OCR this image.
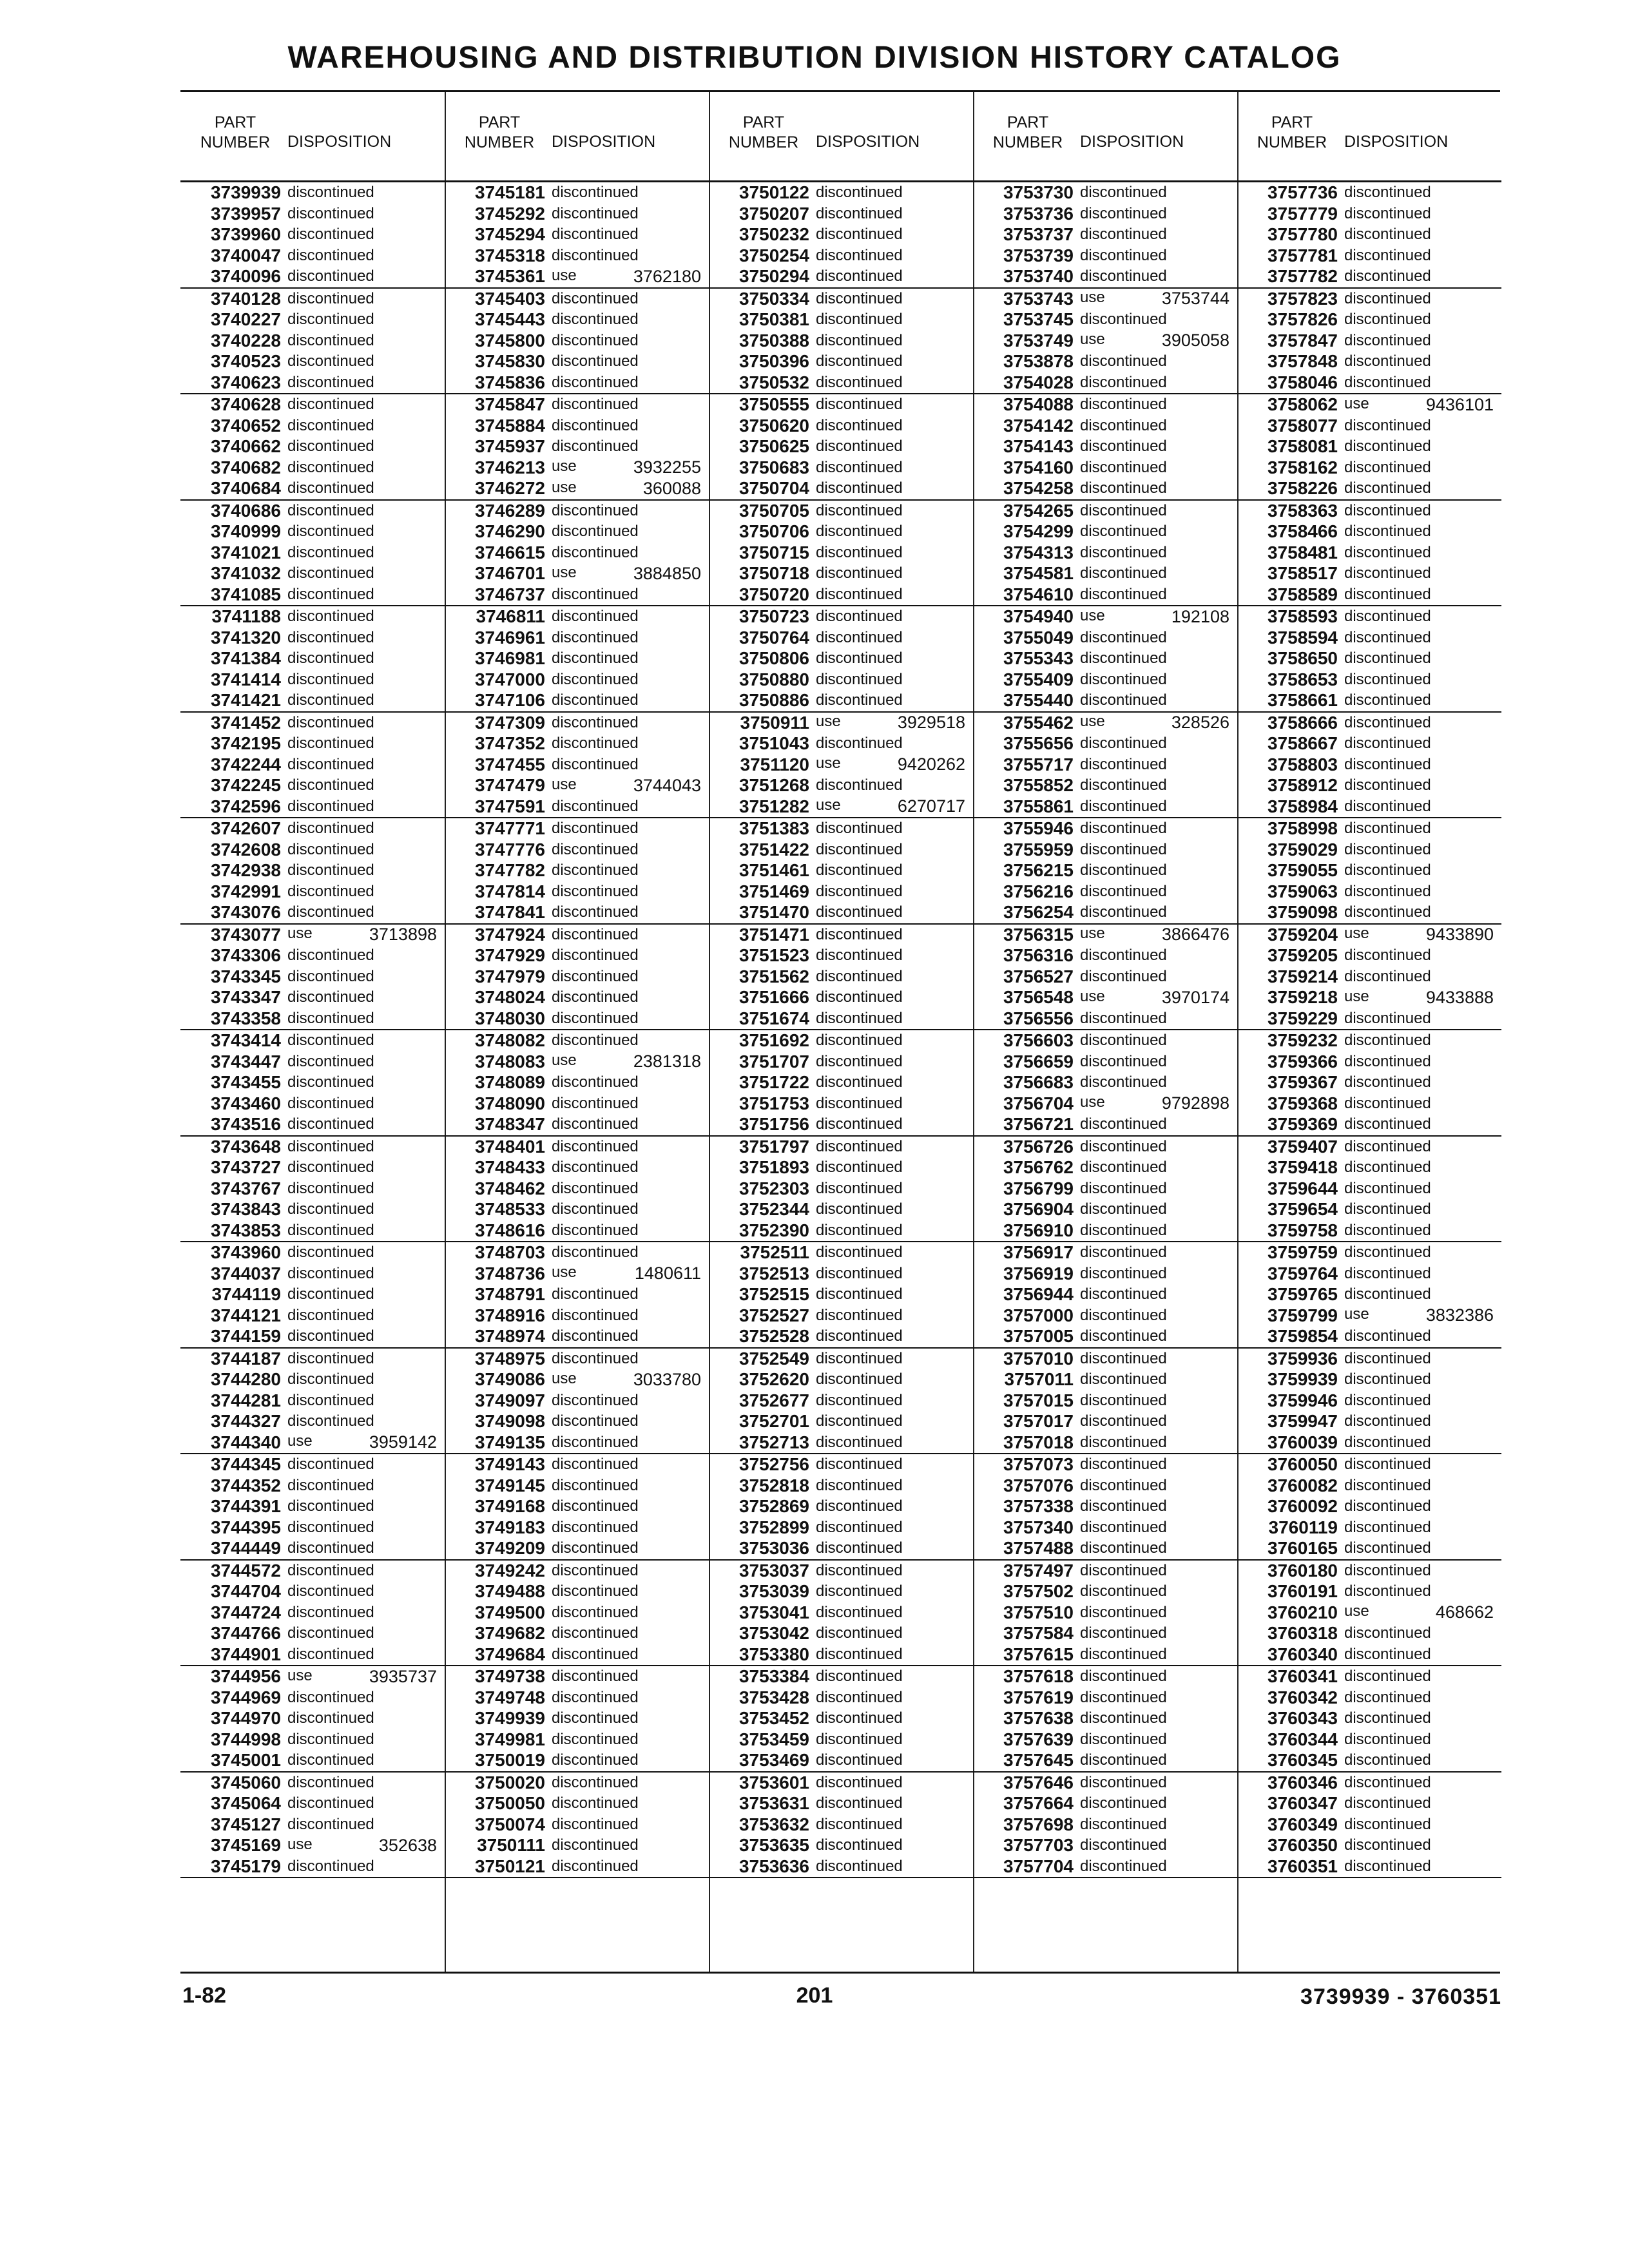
WAREHOUSING AND DISTRIBUTION DIVISION HISTORY CATALOG
PART
NUMBER	DISPOSITION
3739939 discontinued
3739957 discontinued
3739960 discontinued
3740047 discontinued
3740096 discontinued
3740128 discontinued
3740227 discontinued
3740228 discontinued
3740523 discontinued
3740623 discontinued
3740628 discontinued
3740652 discontinued
3740662 discontinued
3740682 discontinued
3740684 discontinued
3740686 discontinued
3740999 discontinued
3741021 discontinued
3741032 discontinued
3741085 discontinued
3741188 discontinued
3741320 discontinued
3741384 discontinued
3741414 discontinued
3741421 discontinued
3741452 discontinued
3742195 discontinued
3742244 discontinued
3742245 discontinued
3742596 discontinued
3742607 discontinued
3742608 discontinued
3742938 discontinued
3742991 discontinued
3743076 discontinued
3743077 use	3713898
3743306 discontinued
3743345 discontinued
3743347 discontinued
3743358 discontinued
3743414 discontinued
3743447 discontinued
3743455 discontinued
3743460 discontinued
3743516 discontinued
3743648 discontinued
3743727 discontinued
3743767 discontinued
3743843 discontinued
3743853 discontinued
3743960 discontinued
3744037 discontinued
3744119 discontinued
3744121 discontinued
3744159 discontinued
3744187 discontinued
3744280 discontinued
3744281 discontinued
3744327 discontinued
3744340 use	3959142
3744345 discontinued
3744352 discontinued
3744391 discontinued
3744395 discontinued
3744449 discontinued
3744572 discontinued
3744704 discontinued
3744724 discontinued
3744766 discontinued
3744901 discontinued
3744956 use	3935737
3744969 discontinued
3744970 discontinued
3744998 discontinued
3745001 discontinued
3745060 discontinued
3745064 discontinued
3745127 discontinued
3745169 use	352638
3745179 discontinued
PART
NUMBER	DISPOSITION
3745181 discontinued
3745292 discontinued
3745294 discontinued
3745318 discontinued
3745361 use	3762180
3745403 discontinued
3745443 discontinued
3745800 discontinued
3745830 discontinued
3745836 discontinued
3745847 discontinued
3745884 discontinued
3745937 discontinued
3746213 use	3932255
3746272 use	360088
3746289 discontinued
3746290 discontinued
3746615 discontinued
3746701 use	3884850
3746737 discontinued
3746811 discontinued
3746961 discontinued
3746981 discontinued
3747000 discontinued
3747106 discontinued
3747309 discontinued
3747352 discontinued
3747455 discontinued
3747479 use	3744043
3747591 discontinued
3747771 discontinued
3747776 discontinued
3747782 discontinued
3747814 discontinued
3747841 discontinued
3747924 discontinued
3747929 discontinued
3747979 discontinued
3748024 discontinued
3748030 discontinued
3748082 discontinued
3748083 use	2381318
3748089 discontinued
3748090 discontinued
3748347 discontinued
3748401 discontinued
3748433 discontinued
3748462 discontinued
3748533 discontinued
3748616 discontinued
3748703 discontinued
3748736 use	1480611
3748791 discontinued
3748916 discontinued
3748974 discontinued
3748975 discontinued
3749086 use	3033780
3749097 discontinued
3749098 discontinued
3749135 discontinued
3749143 discontinued
3749145 discontinued
3749168 discontinued
3749183 discontinued
3749209 discontinued
3749242 discontinued
3749488 discontinued
3749500 discontinued
3749682 discontinued
3749684 discontinued
3749738 discontinued
3749748 discontinued
3749939 discontinued
3749981 discontinued
3750019 discontinued
3750020 discontinued
3750050 discontinued
3750074 discontinued
3750111 discontinued
3750121 discontinued
PART
NUMBER	DISPOSITION
3750122 discontinued
3750207 discontinued
3750232 discontinued
3750254 discontinued
3750294 discontinued
3750334 discontinued
3750381 discontinued
3750388 discontinued
3750396 discontinued
3750532 discontinued
3750555 discontinued
3750620 discontinued
3750625 discontinued
3750683 discontinued
3750704 discontinued
3750705 discontinued
3750706 discontinued
3750715 discontinued
3750718 discontinued
3750720 discontinued
3750723 discontinued
3750764 discontinued
3750806 discontinued
3750880 discontinued
3750886 discontinued
3750911 use	3929518
3751043 discontinued
3751120 use	9420262
3751268 discontinued
3751282 use	6270717
3751383 discontinued
3751422 discontinued
3751461 discontinued
3751469 discontinued
3751470 discontinued
3751471 discontinued
3751523 discontinued
3751562 discontinued
3751666 discontinued
3751674 discontinued
3751692 discontinued
3751707 discontinued
3751722 discontinued
3751753 discontinued
3751756 discontinued
3751797 discontinued
3751893 discontinued
3752303 discontinued
3752344 discontinued
3752390 discontinued
3752511 discontinued
3752513 discontinued
3752515 discontinued
3752527 discontinued
3752528 discontinued
3752549 discontinued
3752620 discontinued
3752677 discontinued
3752701 discontinued
3752713 discontinued
3752756 discontinued
3752818 discontinued
3752869 discontinued
3752899 discontinued
3753036 discontinued
3753037 discontinued
3753039 discontinued
3753041 discontinued
3753042 discontinued
3753380 discontinued
3753384 discontinued
3753428 discontinued
3753452 discontinued
3753459 discontinued
3753469 discontinued
3753601 discontinued
3753631 discontinued
3753632 discontinued
3753635 discontinued
3753636 discontinued
PART
NUMBER	DISPOSITION
3753730 discontinued
3753736 discontinued
3753737 discontinued
3753739 discontinued
3753740 discontinued
3753743 use	3753744
3753745 discontinued
3753749 use	3905058
3753878 discontinued
3754028 discontinued
3754088 discontinued
3754142 discontinued
3754143 discontinued
3754160 discontinued
3754258 discontinued
3754265 discontinued
3754299 discontinued
3754313 discontinued
3754581 discontinued
3754610 discontinued
3754940 use	192108
3755049 discontinued
3755343 discontinued
3755409 discontinued
3755440 discontinued
3755462 use	328526
3755656 discontinued
3755717 discontinued
3755852 discontinued
3755861 discontinued
3755946 discontinued
3755959 discontinued
3756215 discontinued
3756216 discontinued
3756254 discontinued
3756315 use	3866476
3756316 discontinued
3756527 discontinued
3756548 use	3970174
3756556 discontinued
3756603 discontinued
3756659 discontinued
3756683 discontinued
3756704 use	9792898
3756721 discontinued
3756726 discontinued
3756762 discontinued
3756799 discontinued
3756904 discontinued
3756910 discontinued
3756917 discontinued
3756919 discontinued
3756944 discontinued
3757000 discontinued
3757005 discontinued
3757010 discontinued
3757011 discontinued
3757015 discontinued
3757017 discontinued
3757018 discontinued
3757073 discontinued
3757076 discontinued
3757338 discontinued
3757340 discontinued
3757488 discontinued
3757497 discontinued
3757502 discontinued
3757510 discontinued
3757584 discontinued
3757615 discontinued
3757618 discontinued
3757619 discontinued
3757638 discontinued
3757639 discontinued
3757645 discontinued
3757646 discontinued
3757664 discontinued
3757698 discontinued
3757703 discontinued
3757704 discontinued
PART
NUMBER	DISPOSITION
3757736 discontinued
3757779 discontinued
3757780 discontinued
3757781 discontinued
3757782 discontinued
3757823 discontinued
3757826 discontinued
3757847 discontinued
3757848 discontinued
3758046 discontinued
3758062 use	9436101
3758077 discontinued
3758081 discontinued
3758162 discontinued
3758226 discontinued
3758363 discontinued
3758466 discontinued
3758481 discontinued
3758517 discontinued
3758589 discontinued
3758593 discontinued
3758594 discontinued
3758650 discontinued
3758653 discontinued
3758661 discontinued
3758666 discontinued
3758667 discontinued
3758803 discontinued
3758912 discontinued
3758984 discontinued
3758998 discontinued
3759029 discontinued
3759055 discontinued
3759063 discontinued
3759098 discontinued
3759204 use	9433890
3759205 discontinued
3759214 discontinued
3759218 use	9433888
3759229 discontinued
3759232 discontinued
3759366 discontinued
3759367 discontinued
3759368 discontinued
3759369 discontinued
3759407 discontinued
3759418 discontinued
3759644 discontinued
3759654 discontinued
3759758 discontinued
3759759 discontinued
3759764 discontinued
3759765 discontinued
3759799 use	3832386
3759854 discontinued
3759936 discontinued
3759939 discontinued
3759946 discontinued
3759947 discontinued
3760039 discontinued
3760050 discontinued
3760082 discontinued
3760092 discontinued
3760119 discontinued
3760165 discontinued
3760180 discontinued
3760191 discontinued
3760210 use	468662
3760318 discontinued
3760340 discontinued
3760341 discontinued
3760342 discontinued
3760343 discontinued
3760344 discontinued
3760345 discontinued
3760346 discontinued
3760347 discontinued
3760349 discontinued
3760350 discontinued
3760351 discontinued
1-82	201	3739939 - 3760351
